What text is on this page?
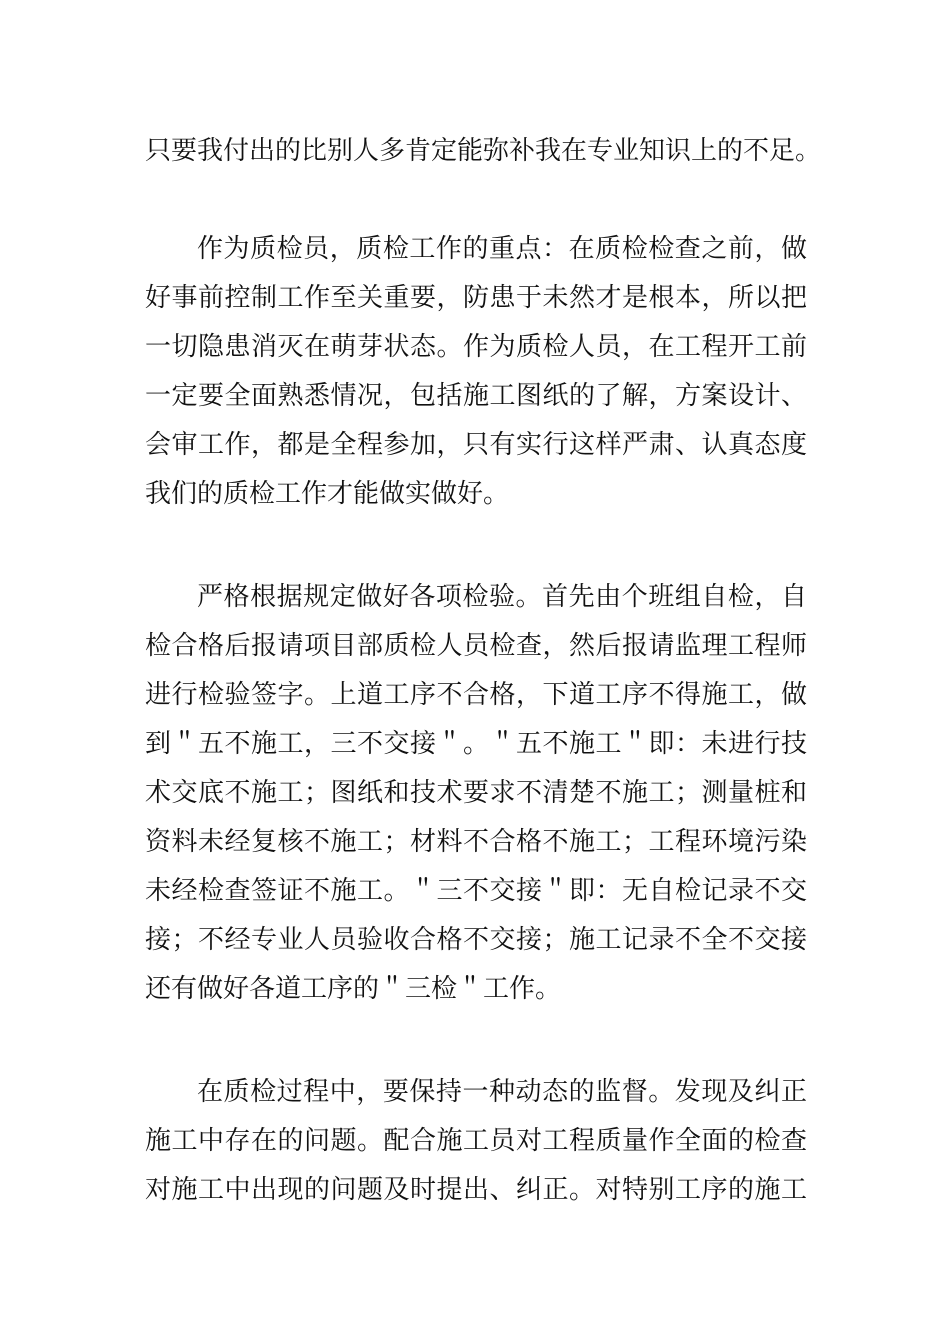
只要我付出的比别人多肯定能弥补我在专业知识上的不足。
作为质检员，质检工作的重点：在质检检查之前，做
好事前控制工作至关重要，防患于未然才是根本，所以把
一切隐患消灭在萌芽状态。作为质检人员，在工程开工前
一定要全面熟悉情况，包括施工图纸的了解，方案设计、
会审工作，都是全程参加，只有实行这样严肃、认真态度
我们的质检工作才能做实做好。
严格根据规定做好各项检验。首先由个班组自检，自
检合格后报请项目部质检人员检查，然后报请监理工程师
进行检验签字。上道工序不合格，下道工序不得施工，做
到＂五不施工，三不交接＂。＂五不施工＂即：未进行技
术交底不施工；图纸和技术要求不清楚不施工；测量桩和
资料未经复核不施工；材料不合格不施工；工程环境污染
未经检查签证不施工。＂三不交接＂即：无自检记录不交
接；不经专业人员验收合格不交接；施工记录不全不交接
还有做好各道工序的＂三检＂工作。
在质检过程中，要保持一种动态的监督。发现及纠正
施工中存在的问题。配合施工员对工程质量作全面的检查
对施工中出现的问题及时提出、纠正。对特别工序的施工
